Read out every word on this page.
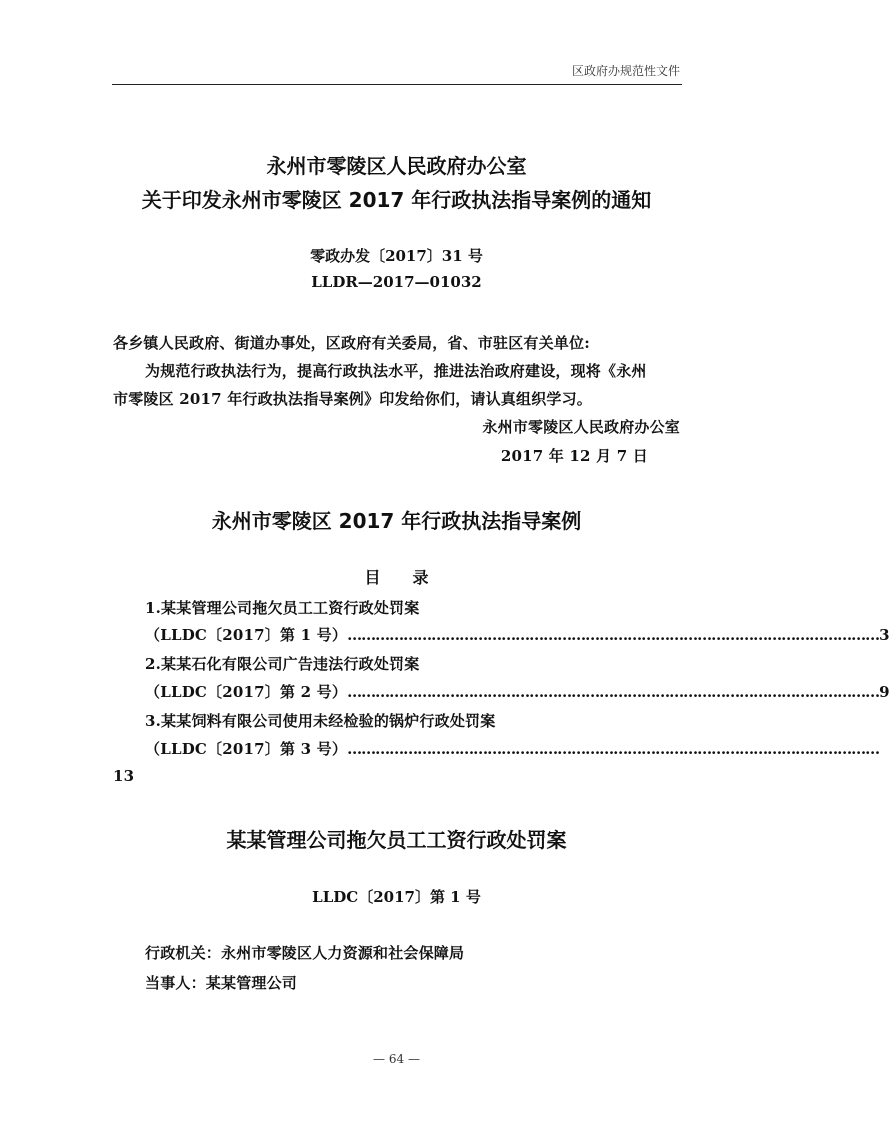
区政府办规范性文件
永州市零陵区人民政府办公室
关于印发永州市零陵区 2017 年行政执法指导案例的通知
零政办发〔2017〕31 号
LLDR—2017—01032
各乡镇人民政府、街道办事处，区政府有关委局，省、市驻区有关单位:
为规范行政执法行为，提高行政执法水平，推进法治政府建设，现将《永州
市零陵区 2017 年行政执法指导案例》印发给你们，请认真组织学习。
永州市零陵区人民政府办公室
2017 年 12 月 7 日
永州市零陵区 2017 年行政执法指导案例
目　　录
1.某某管理公司拖欠员工工资行政处罚案
（LLDC〔2017〕第 1 号） …………………………………………………………………………………………………… 3
2.某某石化有限公司广告违法行政处罚案
（LLDC〔2017〕第 2 号） …………………………………………………………………………………………………… 9
3.某某饲料有限公司使用未经检验的锅炉行政处罚案
（LLDC〔2017〕第 3 号） ……………………………………………………………………………………………………
13
某某管理公司拖欠员工工资行政处罚案
LLDC〔2017〕第 1 号
行政机关：永州市零陵区人力资源和社会保障局
当事人：某某管理公司
— 64 —
